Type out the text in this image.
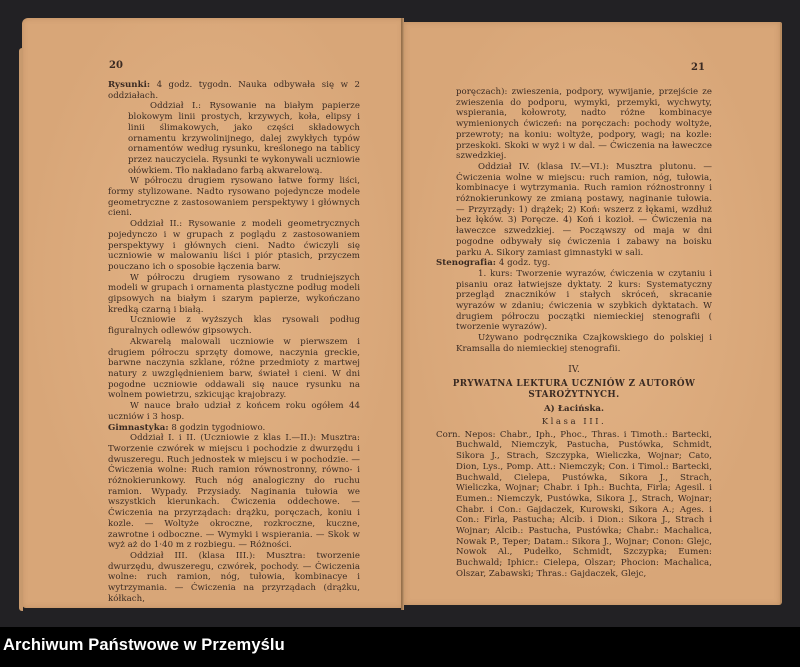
20	21

Rysunki: 4 godz. tygodn. Nauka odbywała się w 2 oddziałach.

Oddział I.: Rysowanie na białym papierze blokowym linii prostych, krzywych, koła, elipsy i linii ślimakowych, jako części składowych ornamentu krzywolinijnego, dalej zwykłych typów ornamentów według rysunku, kreślonego na tablicy przez nauczyciela. Rysunki te wykonywali uczniowie ołówkiem. Tło nakładano farbą akwarelową.

W półroczu drugiem rysowano łatwe formy liści, formy stylizowane. Nadto rysowano pojedyncze modele geometryczne z zastosowaniem perspektywy i głównych cieni.

Oddział II.: Rysowanie z modeli geometrycznych pojedynczo i w grupach z poglądu z zastosowaniem perspektywy i głównych cieni. Nadto ćwiczyli się uczniowie w malowaniu liści i piór ptasich, przyczem pouczano ich o sposobie łączenia barw.

W półroczu drugiem rysowano z trudniejszych modeli w grupach i ornamenta plastyczne podług modeli gipsowych na białym i szarym papierze, wykończano kredką czarną i białą.

Uczniowie z wyższych klas rysowali podług figuralnych odlewów gipsowych.

Akwarelą malowali uczniowie w pierwszem i drugiem półroczu sprzęty domowe, naczynia greckie, barwne naczynia szklane, różne przedmioty z martwej natury z uwzględnieniem barw, świateł i cieni. W dni pogodne uczniowie oddawali się nauce rysunku na wolnem powietrzu, szkicując krajobrazy.

W nauce brało udział z końcem roku ogółem 44 uczniów i 3 hosp.

Gimnastyka: 8 godzin tygodniowo.

Oddział I. i II. (Uczniowie z klas I.—II.): Musztra: Tworzenie czwórek w miejscu i pochodzie z dwurzędu i dwuszeregu. Ruch jednostek w miejscu i w pochodzie. — Ćwiczenia wolne: Ruch ramion równostronny, równo- i różnokierunkowy. Ruch nóg analogiczny do ruchu ramion. Wypady. Przysiady. Naginania tułowia we wszystkich kierunkach. Ćwiczenia oddechowe. — Ćwiczenia na przyrządach: drążku, poręczach, koniu i kozle. — Woltyże okroczne, rozkroczne, kuczne, zawrotne i odboczne. — Wymyki i wspierania. — Skok w wyż aż do 1·40 m z rozbiegu. — Różności.

Oddział III. (klasa III.): Musztra: tworzenie dwurzędu, dwuszeregu, czwórek, pochody. — Ćwiczenia wolne: ruch ramion, nóg, tułowia, kombinacye i wytrzymania. — Ćwiczenia na przyrządach (drążku, kółkach,

poręczach): zwieszenia, podpory, wywijanie, przejście ze zwieszenia do podporu, wymyki, przemyki, wychwyty, wspierania, kołowroty, nadto różne kombinacye wymienionych ćwiczeń: na poręczach: pochody woltyże, przewroty; na koniu: woltyże, podpory, wagi; na kozle: przeskoki. Skoki w wyż i w dal. — Ćwiczenia na ławeczce szwedzkiej.

Oddział IV. (klasa IV.—VI.): Musztra plutonu. — Ćwiczenia wolne w miejscu: ruch ramion, nóg, tułowia, kombinacye i wytrzymania. Ruch ramion różnostronny i różnokierunkowy ze zmianą postawy, naginanie tułowia. — Przyrządy: 1) drążek; 2) Koń: wszerz z łękami, wzdłuż bez łęków. 3) Poręcze. 4) Koń i kozioł. — Ćwiczenia na ławeczce szwedzkiej. — Począwszy od maja w dni pogodne odbywały się ćwiczenia i zabawy na boisku parku A. Sikory zamiast gimnastyki w sali.

Stenografia: 4 godz. tyg.

1. kurs: Tworzenie wyrazów, ćwiczenia w czytaniu i pisaniu oraz łatwiejsze dyktaty. 2 kurs: Systematyczny przegląd znaczników i stałych skróceń, skracanie wyrazów w zdaniu; ćwiczenia w szybkich dyktatach. W drugiem półroczu początki niemieckiej stenografii ( tworzenie wyrazów).

Używano podręcznika Czajkowskiego do polskiej i Kramsalla do niemieckiej stenografii.

IV.

PRYWATNA LEKTURA UCZNIÓW Z AUTORÓW STAROŻYTNYCH.

A) Łacińska.

Klasa III.

Corn. Nepos: Chabr., Iph., Phoc., Thras. i Timoth.: Bartecki, Buchwald, Niemczyk, Pastucha, Pustówka, Schmidt, Sikora J., Strach, Szczypka, Wieliczka, Wojnar; Cato, Dion, Lys., Pomp. Att.: Niemczyk; Con. i Timol.: Bartecki, Buchwald, Cielepa, Pustówka, Sikora J., Strach, Wieliczka, Wojnar; Chabr. i Iph.: Buchta, Firla; Agesil. i Eumen.: Niemczyk, Pustówka, Sikora J., Strach, Wojnar; Chabr. i Con.: Gajdaczek, Kurowski, Sikora A.; Ages. i Con.: Firla, Pastucha; Alcib. i Dion.: Sikora J., Strach i Wojnar; Alcib.: Pastucha, Pustówka; Chabr.: Machalica, Nowak P., Teper; Datam.: Sikora J., Wojnar; Conon: Glejc, Nowok Al., Pudełko, Schmidt, Szczypka; Eumen: Buchwald; Iphicr.: Cielepa, Olszar; Phocion: Machalica, Olszar, Zabawski; Thras.: Gajdaczek, Glejc,

Archiwum Państwowe w Przemyślu
